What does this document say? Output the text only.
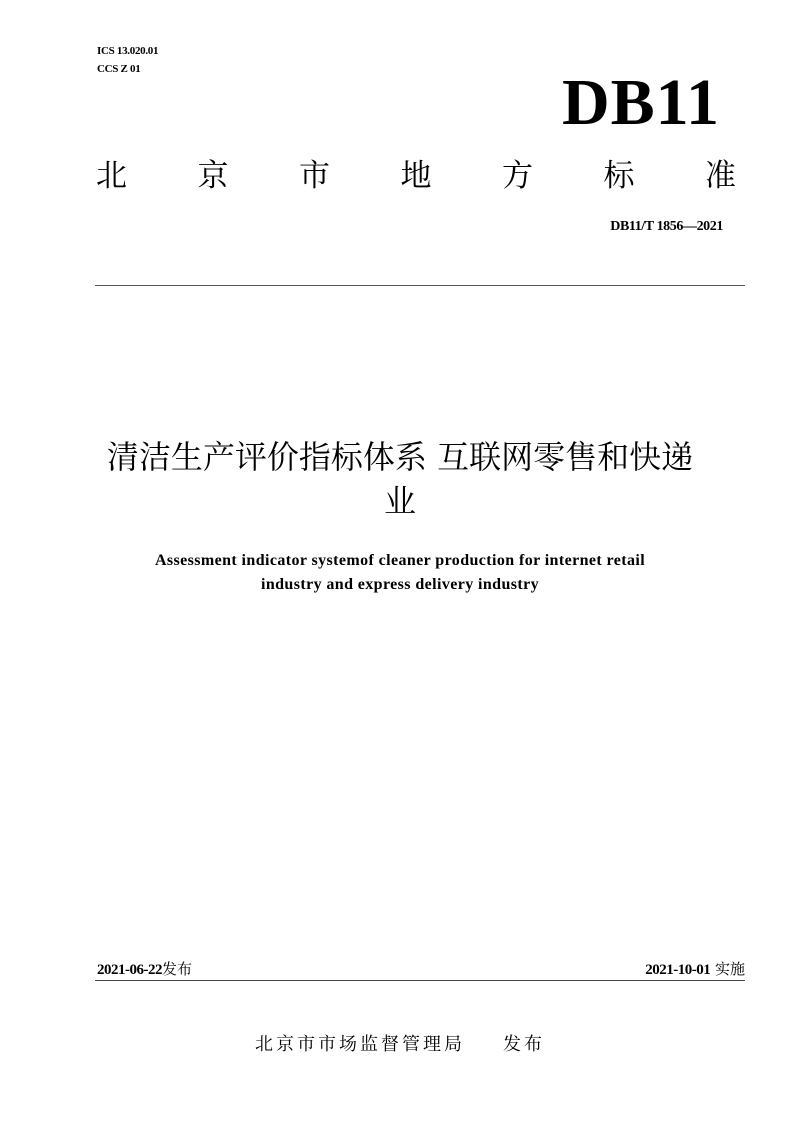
ICS 13.020.01
CCS Z 01	DB11
北 京 市 地 方 标 准
DB11/T 1856—2021
清洁生产评价指标体系 互联网零售和快递
业
Assessment indicator systemof cleaner production for internet retail
industry and express delivery industry
2021-06-22发布	2021-10-01 实施
北京市市场监督管理局 发布
